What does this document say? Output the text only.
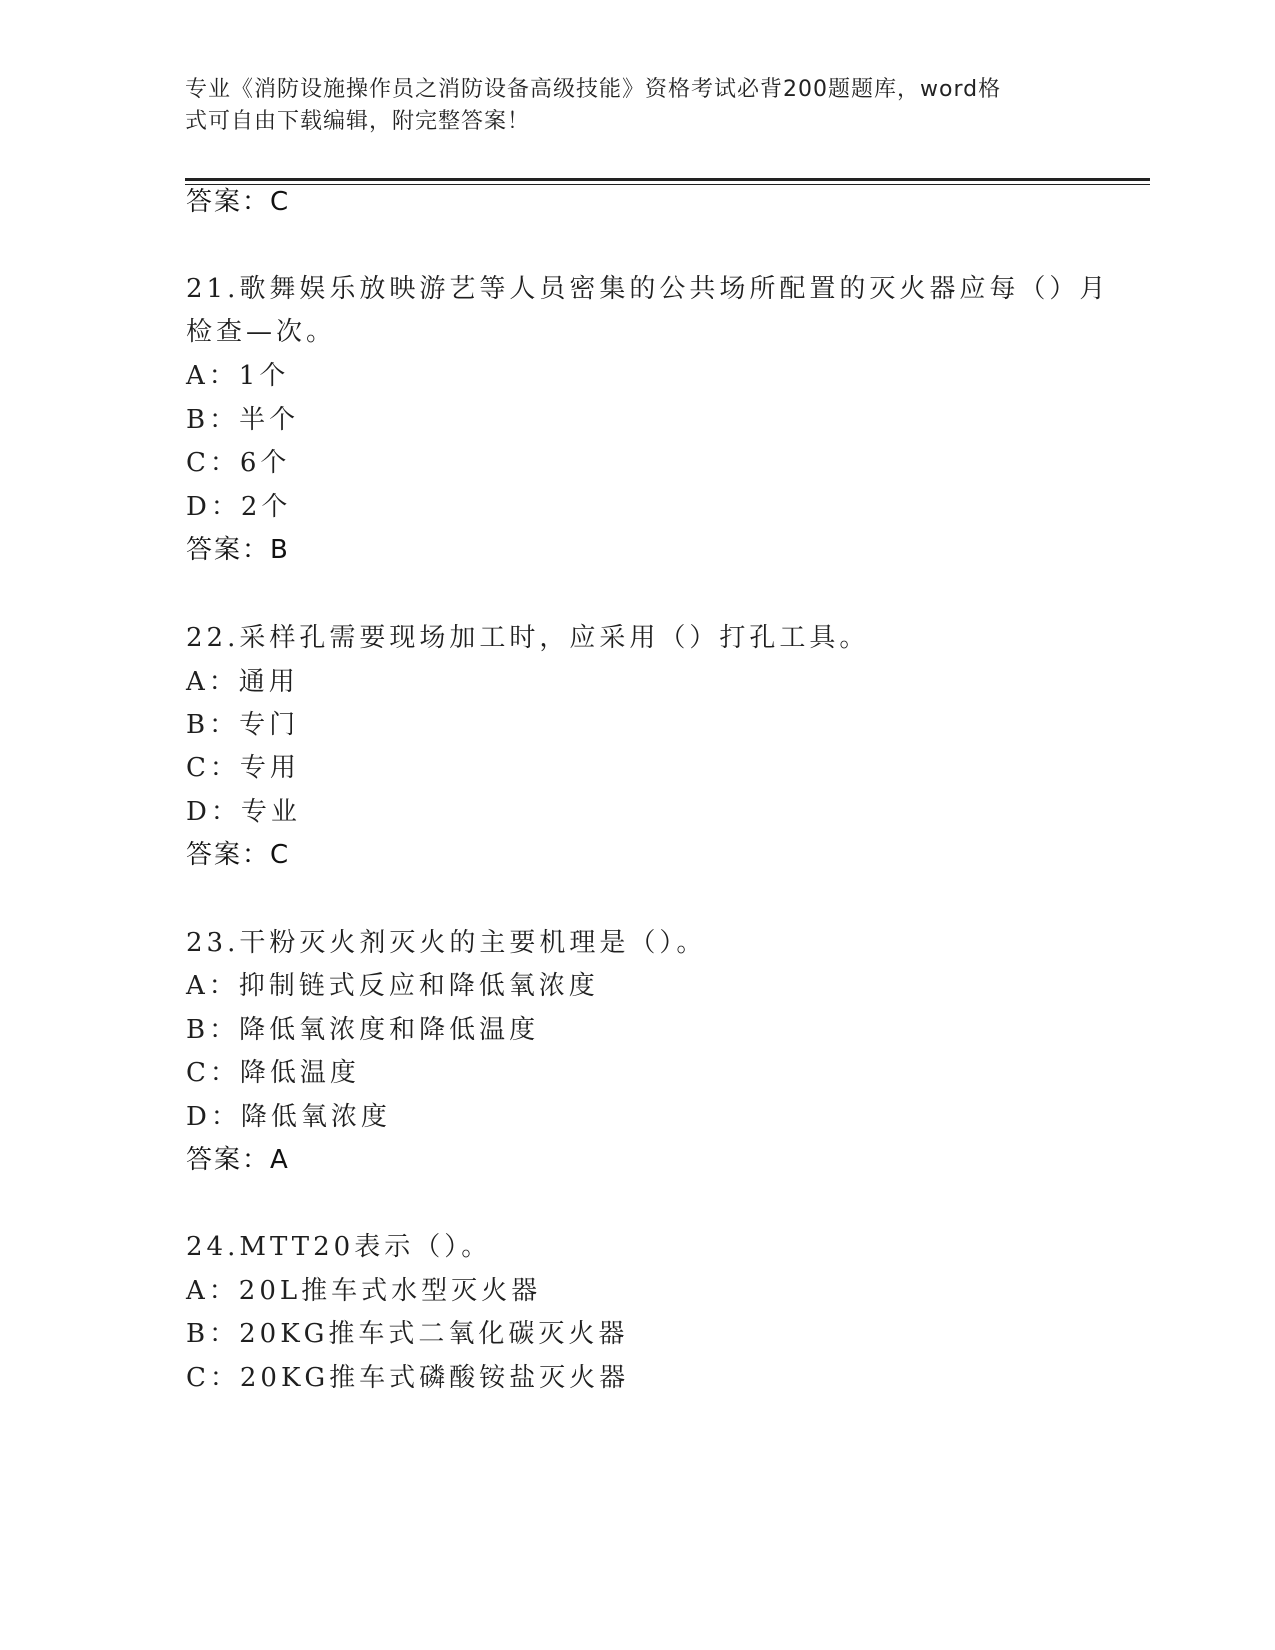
专业《消防设施操作员之消防设备高级技能》资格考试必背200题题库，word格
式可自由下载编辑，附完整答案！
答案：C
21.歌舞娱乐放映游艺等人员密集的公共场所配置的灭火器应每（）月
检查—次。
A：1个
B：半个
C：6个
D：2个
答案：B
22.采样孔需要现场加工时，应采用（）打孔工具。
A：通用
B：专门
C：专用
D：专业
答案：C
23.干粉灭火剂灭火的主要机理是（）。
A：抑制链式反应和降低氧浓度
B：降低氧浓度和降低温度
C：降低温度
D：降低氧浓度
答案：A
24.MTT20表示（）。
A：20L推车式水型灭火器
B：20KG推车式二氧化碳灭火器
C：20KG推车式磷酸铵盐灭火器
